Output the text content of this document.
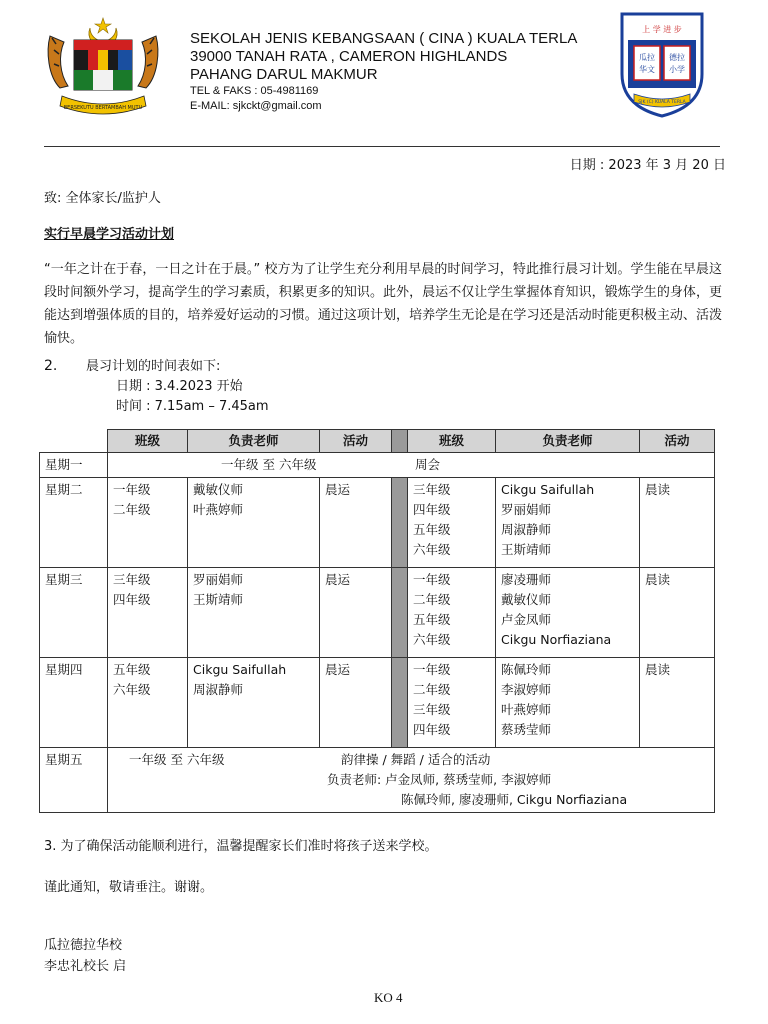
BERSEKUTU BERTAMBAH MUTU
SEKOLAH JENIS KEBANGSAAN ( CINA ) KUALA TERLA
39000 TANAH RATA , CAMERON HIGHLANDS
PAHANG DARUL MAKMUR
TEL & FAKS : 05-4981169
E-MAIL: sjkckt@gmail.com
上 学 进 步
瓜拉
华文
德拉
小学
SJK (C) KUALA TERLA
日期 : 2023 年 3 月 20 日
致: 全体家长/监护人
实行早晨学习活动计划

“一年之计在于春，一日之计在于晨。” 校方为了让学生充分利用早晨的时间学习，特此推行晨习计划。学生能在早晨这段时间额外学习，提高学生的学习素质，积累更多的知识。此外，晨运不仅让学生掌握体育知识，锻炼学生的身体，更能达到增强体质的目的，培养爱好运动的习惯。通过这项计划，培养学生无论是在学习还是活动时能更积极主动、活泼愉快。

2. 晨习计划的时间表如下:
日期 : 3.4.2023 开始
时间 : 7.15am – 7.45am
	班级	负责老师	活动		班级	负责老师	活动
星期一	一年级 至 六年级 周会						
星期二	一年级
二年级	戴敏仪师
叶燕婷师	晨运		三年级
四年级
五年级
六年级	Cikgu Saifullah
罗丽娟师
周淑静师
王斯靖师	晨读
星期三	三年级
四年级	罗丽娟师
王斯靖师	晨运		一年级
二年级
五年级
六年级	廖凌珊师
戴敏仪师
卢金凤师
Cikgu Norfiaziana	晨读
星期四	五年级
六年级	Cikgu Saifullah
周淑静师	晨运		一年级
二年级
三年级
四年级	陈佩玲师
李淑婷师
叶燕婷师
蔡琇莹师	晨读
星期五	一年级 至 六年级 韵律操 / 舞蹈 / 适合的活动
负责老师: 卢金凤师, 蔡琇莹师, 李淑婷师
陈佩玲师, 廖凌珊师, Cikgu Norfiaziana						
3. 为了确保活动能顺利进行，温馨提醒家长们准时将孩子送来学校。
谨此通知，敬请垂注。谢谢。
瓜拉德拉华校
李忠礼校长 启
KO 4
